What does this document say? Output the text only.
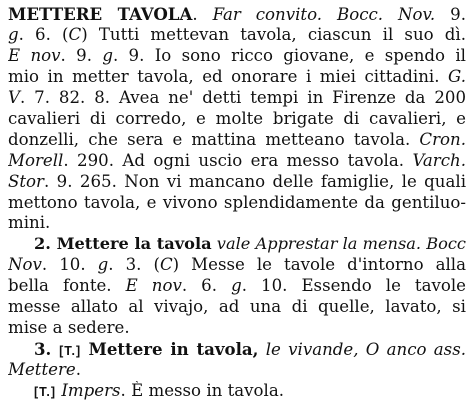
METTERE TAVOLA. Far convito. Bocc. Nov. 9.
g. 6. (C) Tutti mettevan tavola, ciascun il suo dì.
E nov. 9. g. 9. Io sono ricco giovane, e spendo il
mio in metter tavola, ed onorare i miei cittadini. G.
V. 7. 82. 8. Avea ne' detti tempi in Firenze da 200
cavalieri di corredo, e molte brigate di cavalieri, e
donzelli, che sera e mattina metteano tavola. Cron.
Morell. 290. Ad ogni uscio era messo tavola. Varch.
Stor. 9. 265. Non vi mancano delle famiglie, le quali
mettono tavola, e vivono splendidamente da gentiluo-
mini.
2. Mettere la tavola vale Apprestar la mensa. Bocc
Nov. 10. g. 3. (C) Messe le tavole d'intorno alla
bella fonte. E nov. 6. g. 10. Essendo le tavole
messe allato al vivajo, ad una di quelle, lavato, si
mise a sedere.
3. [T.] Mettere in tavola, le vivande, O anco ass.
Mettere.
[T.] Impers. È messo in tavola.
